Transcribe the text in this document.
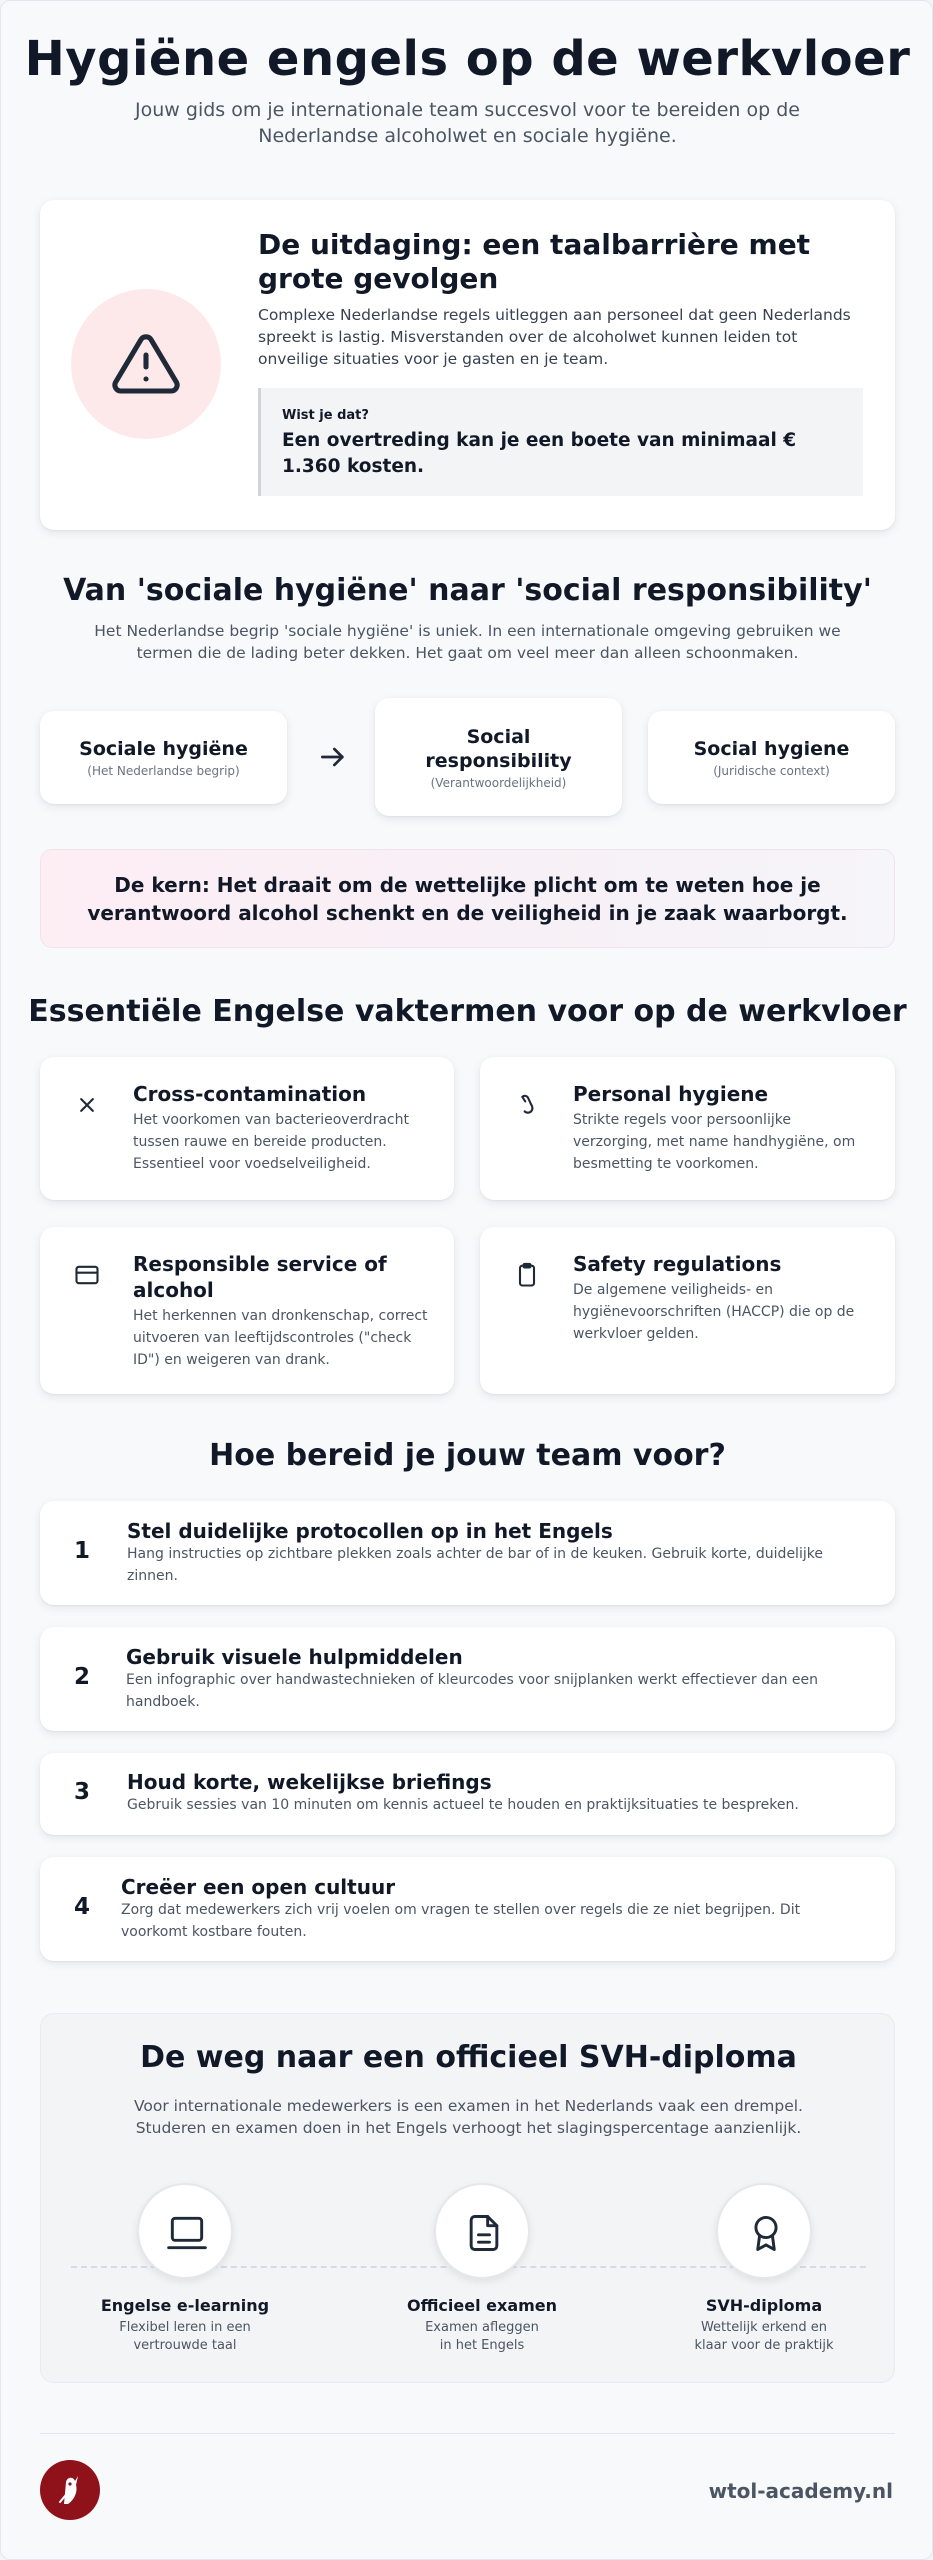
Hygiëne engels op de werkvloer
Jouw gids om je internationale team succesvol voor te bereiden op de Nederlandse alcoholwet en sociale hygiëne.
De uitdaging: een taalbarrière met grote gevolgen
Complexe Nederlandse regels uitleggen aan personeel dat geen Nederlands spreekt is lastig. Misverstanden over de alcoholwet kunnen leiden tot onveilige situaties voor je gasten en je team.
Wist je dat?
Een overtreding kan je een boete van minimaal € 1.360 kosten.
Van 'sociale hygiëne' naar 'social responsibility'
Het Nederlandse begrip 'sociale hygiëne' is uniek. In een internationale omgeving gebruiken we termen die de lading beter dekken. Het gaat om veel meer dan alleen schoonmaken.
Sociale hygiëne
(Het Nederlandse begrip)
Social responsibility
(Verantwoordelijkheid)
Social hygiene
(Juridische context)
De kern: Het draait om de wettelijke plicht om te weten hoe je verantwoord alcohol schenkt en de veiligheid in je zaak waarborgt.
Essentiële Engelse vaktermen voor op de werkvloer
Cross-contamination
Het voorkomen van bacterieoverdracht tussen rauwe en bereide producten. Essentieel voor voedselveiligheid.
Personal hygiene
Strikte regels voor persoonlijke verzorging, met name handhygiëne, om besmetting te voorkomen.
Responsible service of alcohol
Het herkennen van dronkenschap, correct uitvoeren van leeftijdscontroles ("check ID") en weigeren van drank.
Safety regulations
De algemene veiligheids- en hygiënevoorschriften (HACCP) die op de werkvloer gelden.
Hoe bereid je jouw team voor?
1
Stel duidelijke protocollen op in het Engels
Hang instructies op zichtbare plekken zoals achter de bar of in de keuken. Gebruik korte, duidelijke zinnen.
2
Gebruik visuele hulpmiddelen
Een infographic over handwastechnieken of kleurcodes voor snijplanken werkt effectiever dan een handboek.
3	Houd korte, wekelijkse briefings
Gebruik sessies van 10 minuten om kennis actueel te houden en praktijksituaties te bespreken.
4
Creëer een open cultuur
Zorg dat medewerkers zich vrij voelen om vragen te stellen over regels die ze niet begrijpen. Dit voorkomt kostbare fouten.
De weg naar een officieel SVH-diploma
Voor internationale medewerkers is een examen in het Nederlands vaak een drempel. Studeren en examen doen in het Engels verhoogt het slagingspercentage aanzienlijk.
Engelse e-learning
Flexibel leren in een
vertrouwde taal
Officieel examen
Examen afleggen
in het Engels
SVH-diploma
Wettelijk erkend en
klaar voor de praktijk
wtol-academy.nl
